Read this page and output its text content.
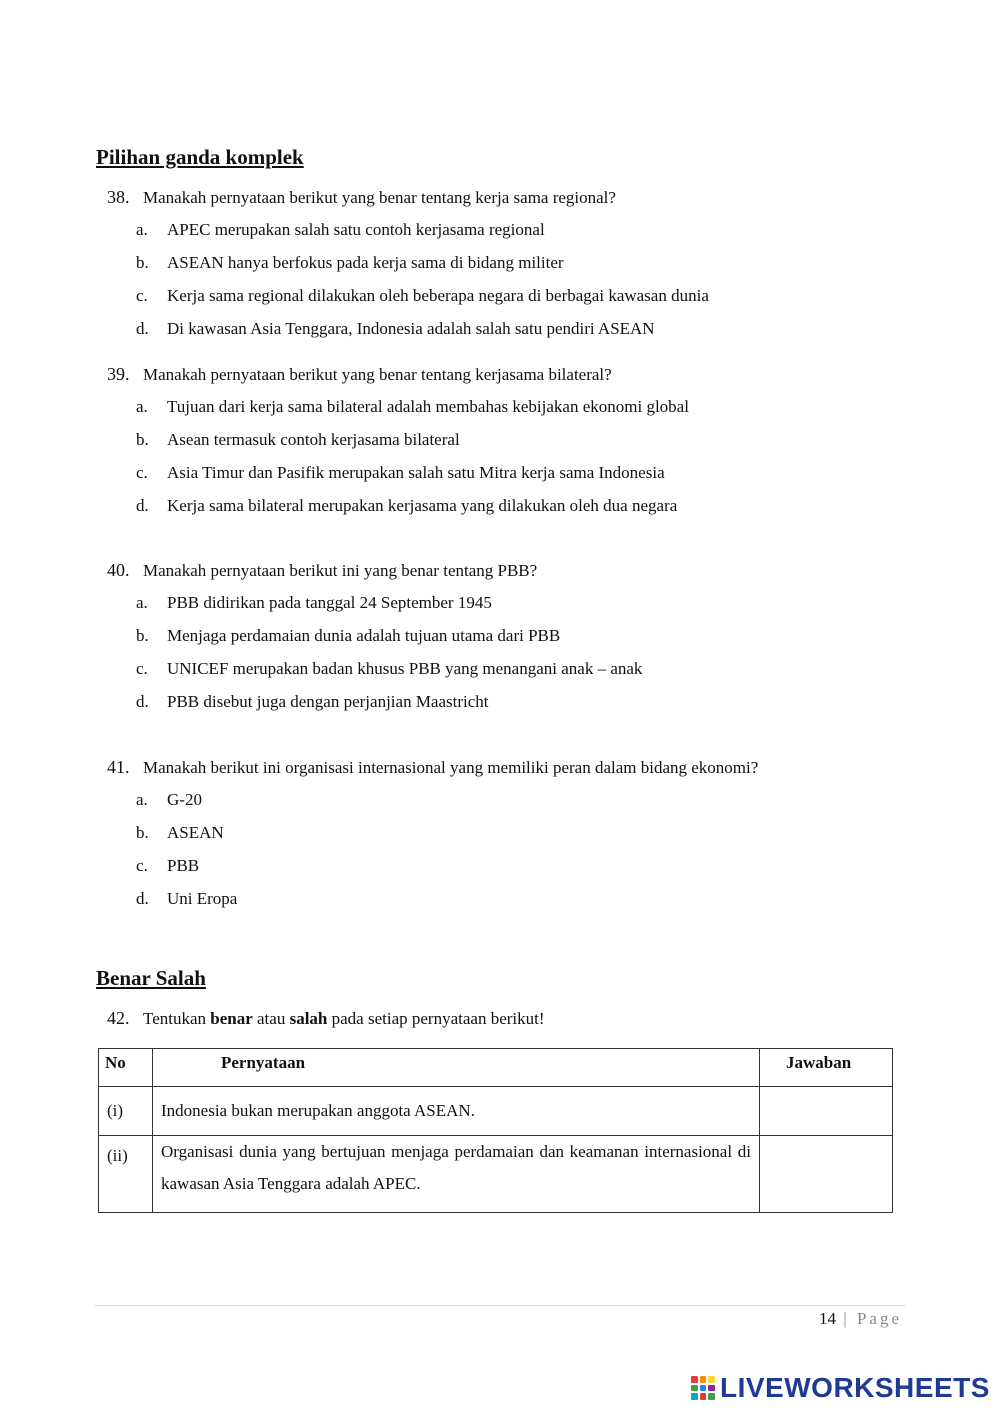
Pilihan ganda komplek
38. Manakah pernyataan berikut yang benar tentang kerja sama regional?
a. APEC merupakan salah satu contoh kerjasama regional
b. ASEAN hanya berfokus pada kerja sama di bidang militer
c. Kerja sama regional dilakukan oleh beberapa negara di berbagai kawasan dunia
d. Di kawasan Asia Tenggara, Indonesia adalah salah satu pendiri ASEAN
39. Manakah pernyataan berikut yang benar tentang kerjasama bilateral?
a. Tujuan dari kerja sama bilateral adalah membahas kebijakan ekonomi global
b. Asean termasuk contoh kerjasama bilateral
c. Asia Timur dan Pasifik merupakan salah satu Mitra kerja sama Indonesia
d. Kerja sama bilateral merupakan kerjasama yang dilakukan oleh dua negara
40. Manakah pernyataan berikut ini yang benar tentang PBB?
a. PBB didirikan pada tanggal 24 September 1945
b. Menjaga perdamaian dunia adalah tujuan utama dari PBB
c. UNICEF merupakan badan khusus PBB yang menangani anak – anak
d. PBB disebut juga dengan perjanjian Maastricht
41. Manakah berikut ini organisasi internasional yang memiliki peran dalam bidang ekonomi?
a. G-20
b. ASEAN
c. PBB
d. Uni Eropa
Benar Salah
42. Tentukan benar atau salah pada setiap pernyataan berikut!
No	Pernyataan	Jawaban
(i)	Indonesia bukan merupakan anggota ASEAN.	
(ii)	Organisasi dunia yang bertujuan menjaga perdamaian dan keamanan internasional di kawasan Asia Tenggara adalah APEC.	
14 | Page
LIVEWORKSHEETS
